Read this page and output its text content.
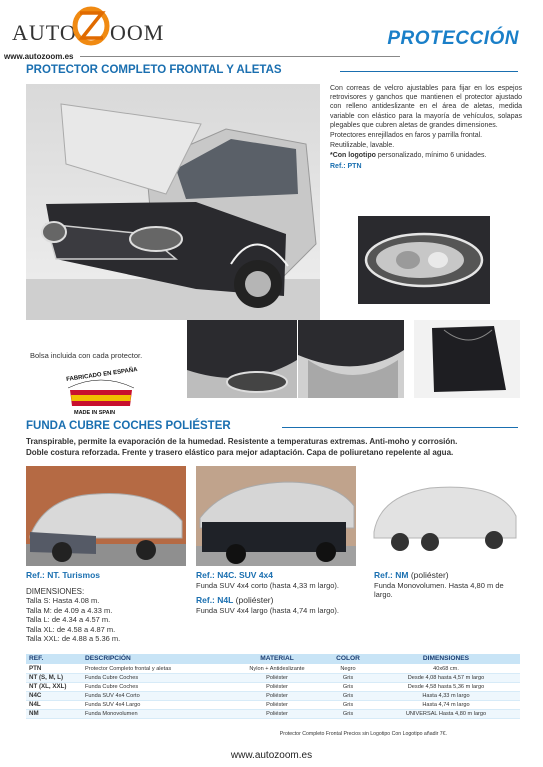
AUTO OOM
www.autozoom.es
PROTECCIÓN
PROTECTOR COMPLETO FRONTAL Y ALETAS

Con correas de velcro ajustables para fijar en los espejos retrovisores y ganchos que mantienen el protector ajustado con relleno antideslizante en el área de aletas, medida variable con elástico para la mayoría de vehículos, solapas plegables que cubren aletas de grandes dimensiones.

Protectores enrejillados en faros y parrilla frontal.

Reutilizable, lavable.

*Con logotipo personalizado, mínimo 6 unidades.

Ref.: PTN

Bolsa incluida con cada protector.
FABRICADO EN ESPAÑA
MADE IN SPAIN
FUNDA CUBRE COCHES POLIÉSTER
Transpirable, permite la evaporación de la humedad. Resistente a temperaturas extremas. Anti-moho y corrosión.
Doble costura reforzada. Frente y trasero elástico para mejor adaptación. Capa de poliuretano repelente al agua.
Ref.: NT. Turismos
DIMENSIONES:
Talla S: Hasta 4.08 m.
Talla M: de 4.09 a 4.33 m.
Talla L: de 4.34 a 4.57 m.
Talla XL: de 4.58 a 4.87 m.
Talla XXL: de 4.88 a 5.36 m.
Ref.: N4C. SUV 4x4
Funda SUV 4x4 corto (hasta 4,33 m largo).
Ref.: N4L (poliéster)
Funda SUV 4x4 largo (hasta 4,74 m largo).
Ref.: NM (poliéster)
Funda Monovolumen. Hasta 4,80 m de largo.
REF.	DESCRIPCIÓN	MATERIAL	COLOR	DIMENSIONES
PTN	Protector Completo frontal y aletas	Nylon + Antideslizante	Negro	40x68 cm.
NT (S, M, L)	Funda Cubre Coches	Poliéster	Gris	Desde 4,08 hasta 4,57 m largo
NT (XL, XXL)	Funda Cubre Coches	Poliéster	Gris	Desde 4,58 hasta 5,36 m largo
N4C	Funda SUV 4x4 Corto	Poliéster	Gris	Hasta 4,33 m largo
N4L	Funda SUV 4x4 Largo	Poliéster	Gris	Hasta 4,74 m largo
NM	Funda Monovolumen	Poliéster	Gris	UNIVERSAL Hasta 4,80 m largo
Protector Completo Frontal Precios sin Logotipo Con Logotipo añadir 7€.
www.autozoom.es
